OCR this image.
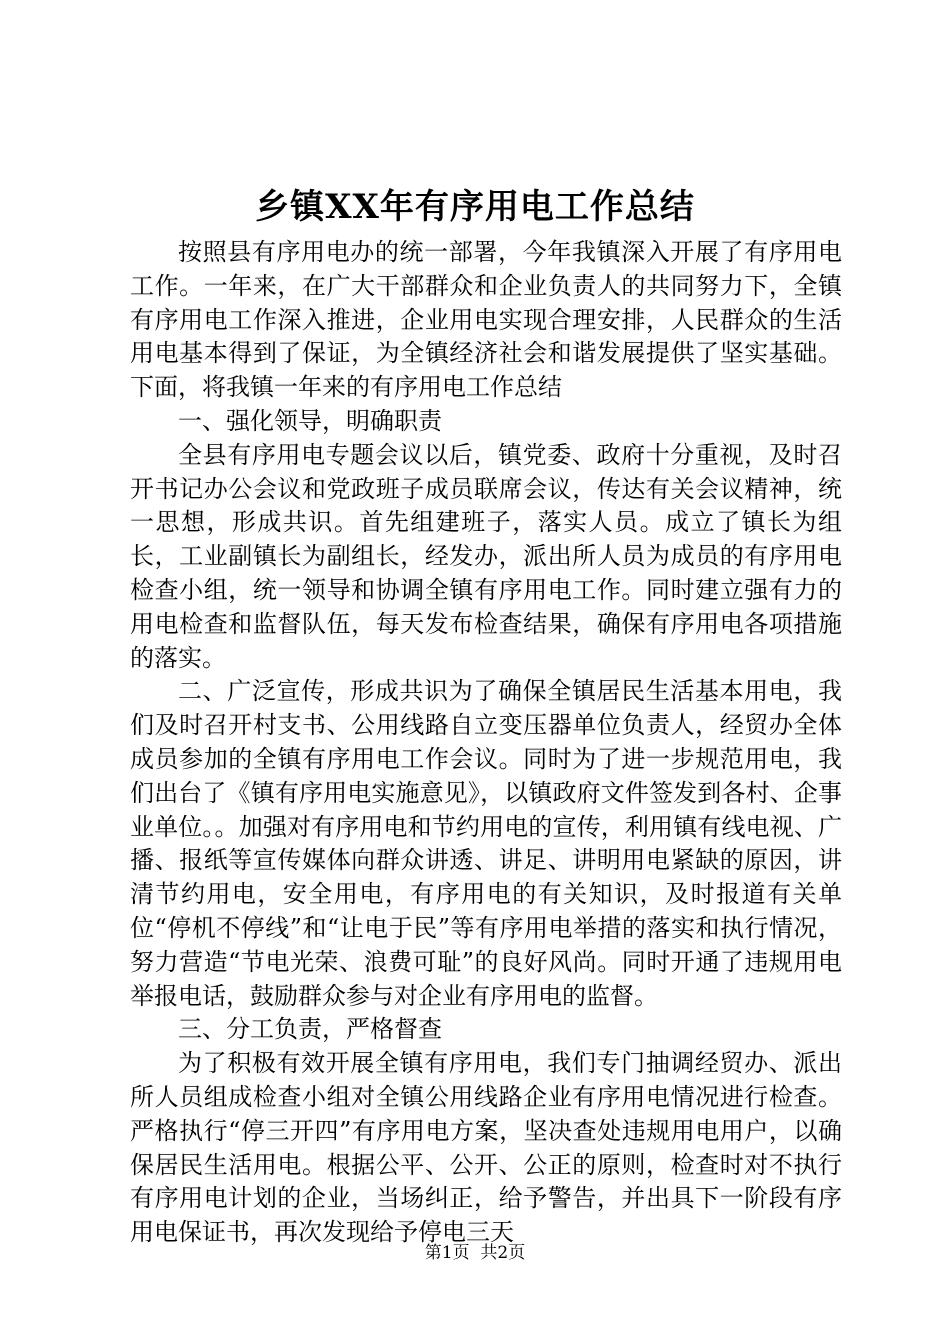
乡镇XX年有序用电工作总结

按照县有序用电办的统一部署，今年我镇深入开展了有序用电工作。一年来，在广大干部群众和企业负责人的共同努力下，全镇有序用电工作深入推进，企业用电实现合理安排，人民群众的生活用电基本得到了保证，为全镇经济社会和谐发展提供了坚实基础。下面，将我镇一年来的有序用电工作总结

一、强化领导，明确职责

全县有序用电专题会议以后，镇党委、政府十分重视，及时召开书记办公会议和党政班子成员联席会议，传达有关会议精神，统一思想，形成共识。首先组建班子，落实人员。成立了镇长为组长，工业副镇长为副组长，经发办，派出所人员为成员的有序用电检查小组，统一领导和协调全镇有序用电工作。同时建立强有力的用电检查和监督队伍，每天发布检查结果，确保有序用电各项措施的落实。

二、广泛宣传，形成共识为了确保全镇居民生活基本用电，我们及时召开村支书、公用线路自立变压器单位负责人，经贸办全体成员参加的全镇有序用电工作会议。同时为了进一步规范用电，我们出台了《镇有序用电实施意见》，以镇政府文件签发到各村、企事业单位。。加强对有序用电和节约用电的宣传，利用镇有线电视、广播、报纸等宣传媒体向群众讲透、讲足、讲明用电紧缺的原因，讲清节约用电，安全用电，有序用电的有关知识，及时报道有关单位“停机不停线”和“让电于民”等有序用电举措的落实和执行情况，努力营造“节电光荣、浪费可耻”的良好风尚。同时开通了违规用电举报电话，鼓励群众参与对企业有序用电的监督。

三、分工负责，严格督查

为了积极有效开展全镇有序用电，我们专门抽调经贸办、派出所人员组成检查小组对全镇公用线路企业有序用电情况进行检查。严格执行“停三开四”有序用电方案，坚决查处违规用电用户，以确保居民生活用电。根据公平、公开、公正的原则，检查时对不执行有序用电计划的企业，当场纠正，给予警告，并出具下一阶段有序用电保证书，再次发现给予停电三天

第1页 共2页
